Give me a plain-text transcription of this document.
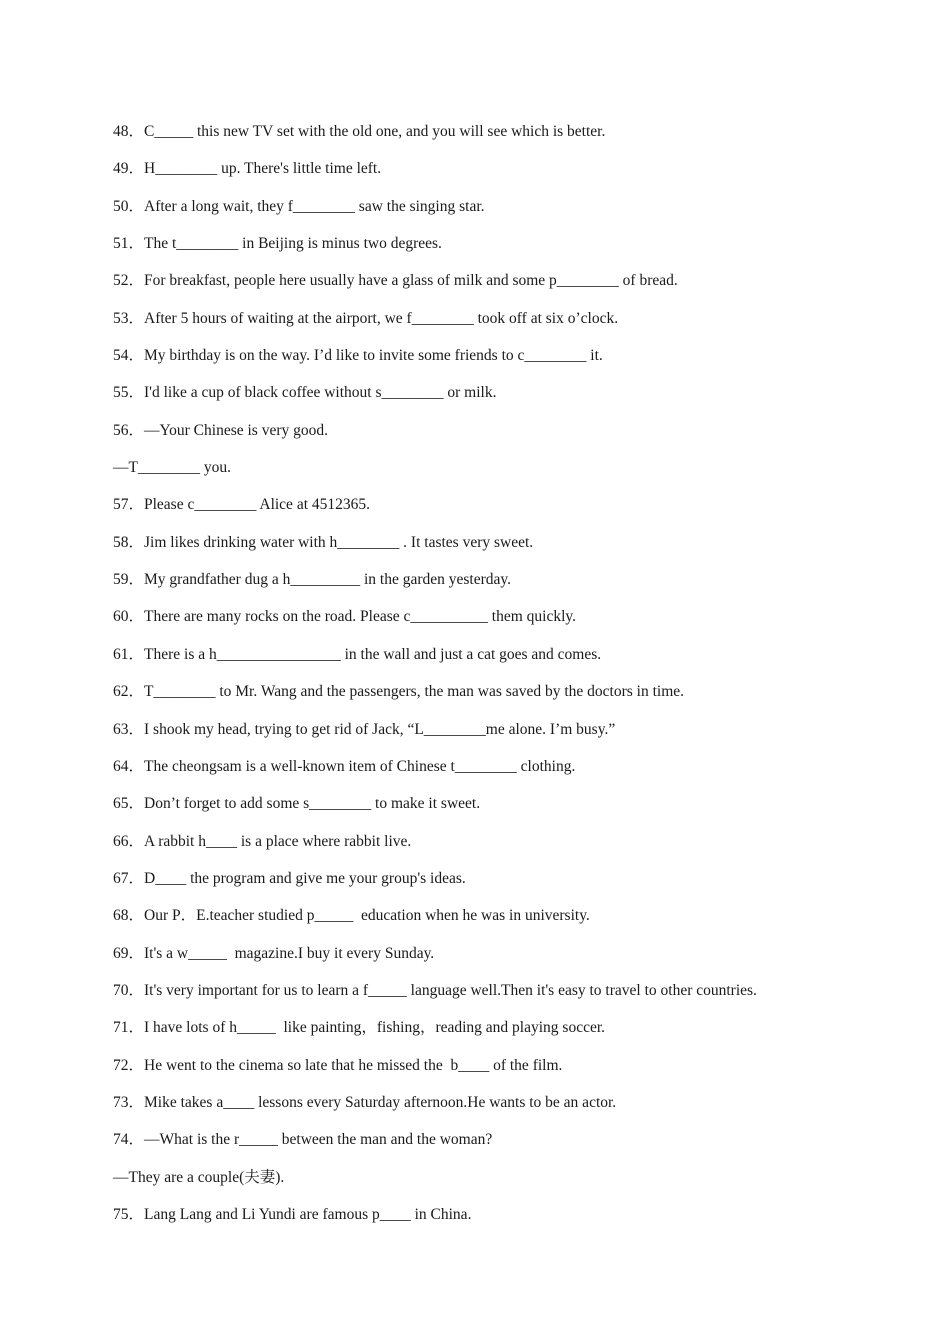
48．C_____ this new TV set with the old one, and you will see which is better.
49．H________ up. There's little time left.
50．After a long wait, they f________ saw the singing star.
51．The t________ in Beijing is minus two degrees.
52．For breakfast, people here usually have a glass of milk and some p________ of bread.
53．After 5 hours of waiting at the airport, we f________ took off at six o’clock.
54．My birthday is on the way. I’d like to invite some friends to c________ it.
55．I'd like a cup of black coffee without s________ or milk.
56．—Your Chinese is very good.
—T________ you.
57．Please c________ Alice at 4512365.
58．Jim likes drinking water with h________ . It tastes very sweet.
59．My grandfather dug a h_________ in the garden yesterday.
60．There are many rocks on the road. Please c__________ them quickly.
61．There is a h________________ in the wall and just a cat goes and comes.
62．T________ to Mr. Wang and the passengers, the man was saved by the doctors in time.
63．I shook my head, trying to get rid of Jack, “L________me alone. I’m busy.”
64．The cheongsam is a well-known item of Chinese t________ clothing.
65．Don’t forget to add some s________ to make it sweet.
66．A rabbit h____ is a place where rabbit live.
67．D____ the program and give me your group's ideas.
68．Our P．E.teacher studied p_____  education when he was in university.
69．It's a w_____  magazine.I buy it every Sunday.
70．It's very important for us to learn a f_____ language well.Then it's easy to travel to other countries.
71．I have lots of h_____  like painting，fishing，reading and playing soccer.
72．He went to the cinema so late that he missed the  b____ of the film.
73．Mike takes a____ lessons every Saturday afternoon.He wants to be an actor.
74．—What is the r_____ between the man and the woman?
—They are a couple(夫妻).
75．Lang Lang and Li Yundi are famous p____ in China.
